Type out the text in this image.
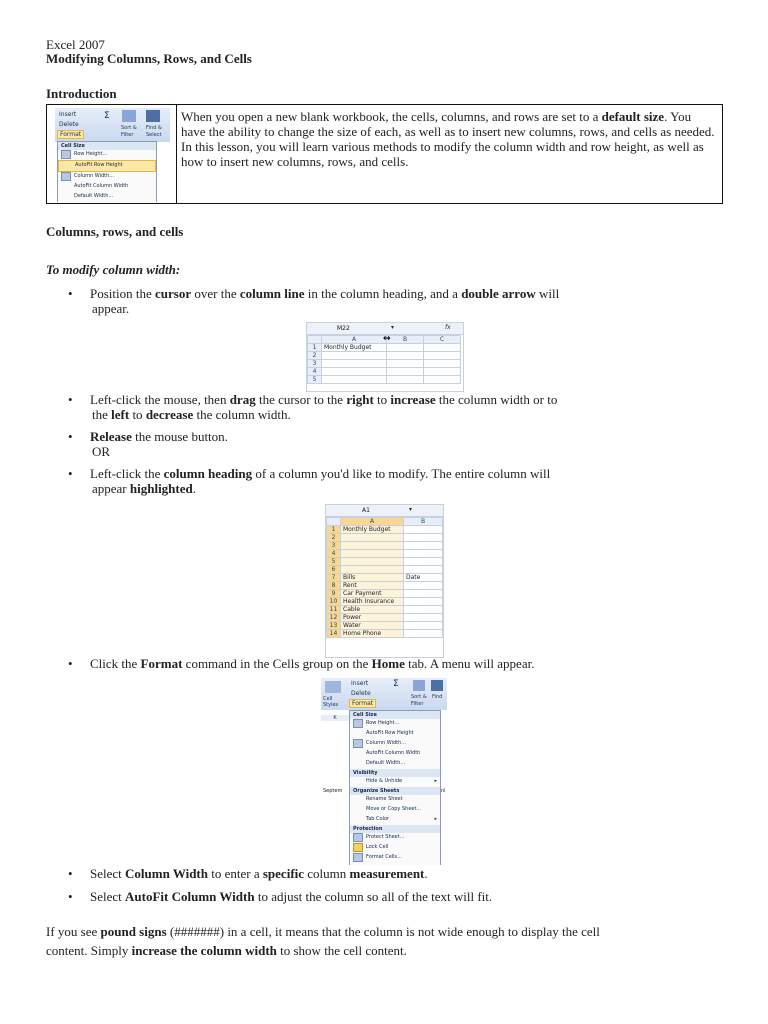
Excel 2007
Modifying Columns, Rows, and Cells
Introduction
Insert
Delete
Format
Σ
Sort &
Filter
Find &
Select
Cell Size
Row Height...
AutoFit Row Height
Column Width...
AutoFit Column Width
Default Width...
When you open a new blank workbook, the cells, columns, and rows are set to a default size. You have the ability to change the size of each, as well as to insert new columns, rows, and cells as needed. In this lesson, you will learn various methods to modify the column width and row height, as well as how to insert new columns, rows, and cells.
Columns, rows, and cells
To modify column width:
• Position the cursor over the column line in the column heading, and a double arrow will
appear.
M22	▾	fx
	A	B	C
1	Monthly Budget		
2			
3			
4			
5			
↔
• Left-click the mouse, then drag the cursor to the right to increase the column width or to
the left to decrease the column width.
• Release the mouse button.
OR
• Left-click the column heading of a column you'd like to modify. The entire column will
appear highlighted.
A1	▾
	A	B
1	Monthly Budget	
2		
3		
4		
5		
6		
7	Bills	Date
8	Rent	
9	Car Payment	
10	Health Insurance	
11	Cable	
12	Power	
13	Water	
14	Home Phone	
• Click the Format command in the Cells group on the Home tab. A menu will appear.
Cell Styles
Insert
Delete
Format
Σ
Sort &
Filter
Find
K
Septem	nl
Cell Size
Row Height...
AutoFit Row Height
Column Width...
AutoFit Column Width
Default Width...
Visibility
Hide & Unhide	▸
Organize Sheets
Rename Sheet
Move or Copy Sheet...
Tab Color	▸
Protection
Protect Sheet...
Lock Cell
Format Cells...
• Select Column Width to enter a specific column measurement.
• Select AutoFit Column Width to adjust the column so all of the text will fit.
If you see pound signs (#######) in a cell, it means that the column is not wide enough to display the cell
content. Simply increase the column width to show the cell content.
